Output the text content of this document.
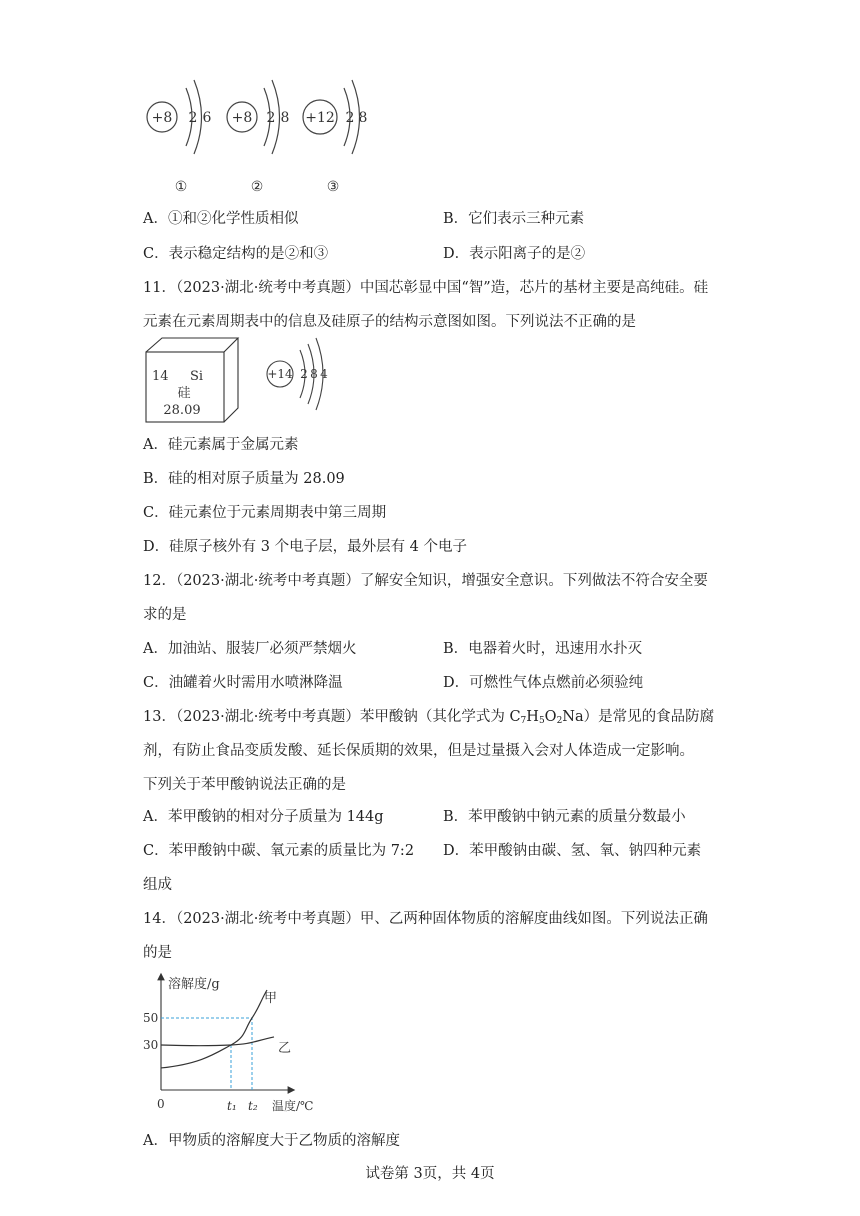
+8 2 6 +8 2 8 +12 2 8
①	②	③
A．①和②化学性质相似	B．它们表示三种元素
C．表示稳定结构的是②和③	D．表示阳离子的是②
11．（2023·湖北·统考中考真题）中国芯彰显中国“智”造，芯片的基材主要是高纯硅。硅
元素在元素周期表中的信息及硅原子的结构示意图如图。下列说法不正确的是
14 Si
硅
28.09
+14 2 8 4
A．硅元素属于金属元素
B．硅的相对原子质量为 28.09
C．硅元素位于元素周期表中第三周期
D．硅原子核外有 3 个电子层，最外层有 4 个电子
12．（2023·湖北·统考中考真题）了解安全知识，增强安全意识。下列做法不符合安全要
求的是
A．加油站、服装厂必须严禁烟火	B．电器着火时，迅速用水扑灭
C．油罐着火时需用水喷淋降温	D．可燃性气体点燃前必须验纯
13．（2023·湖北·统考中考真题）苯甲酸钠（其化学式为 $C_7H_5O_2Na$）是常见的食品防腐
剂，有防止食品变质发酸、延长保质期的效果，但是过量摄入会对人体造成一定影响。
下列关于苯甲酸钠说法正确的是
A．苯甲酸钠的相对分子质量为 144g	B．苯甲酸钠中钠元素的质量分数最小
C．苯甲酸钠中碳、氧元素的质量比为 7:2 D．苯甲酸钠由碳、氢、氧、钠四种元素
组成
14．（2023·湖北·统考中考真题）甲、乙两种固体物质的溶解度曲线如图。下列说法正确
的是
溶解度/g
温度/℃
0
30
50
t₁ t₂
甲
乙
A．甲物质的溶解度大于乙物质的溶解度
试卷第 3页，共 4页
